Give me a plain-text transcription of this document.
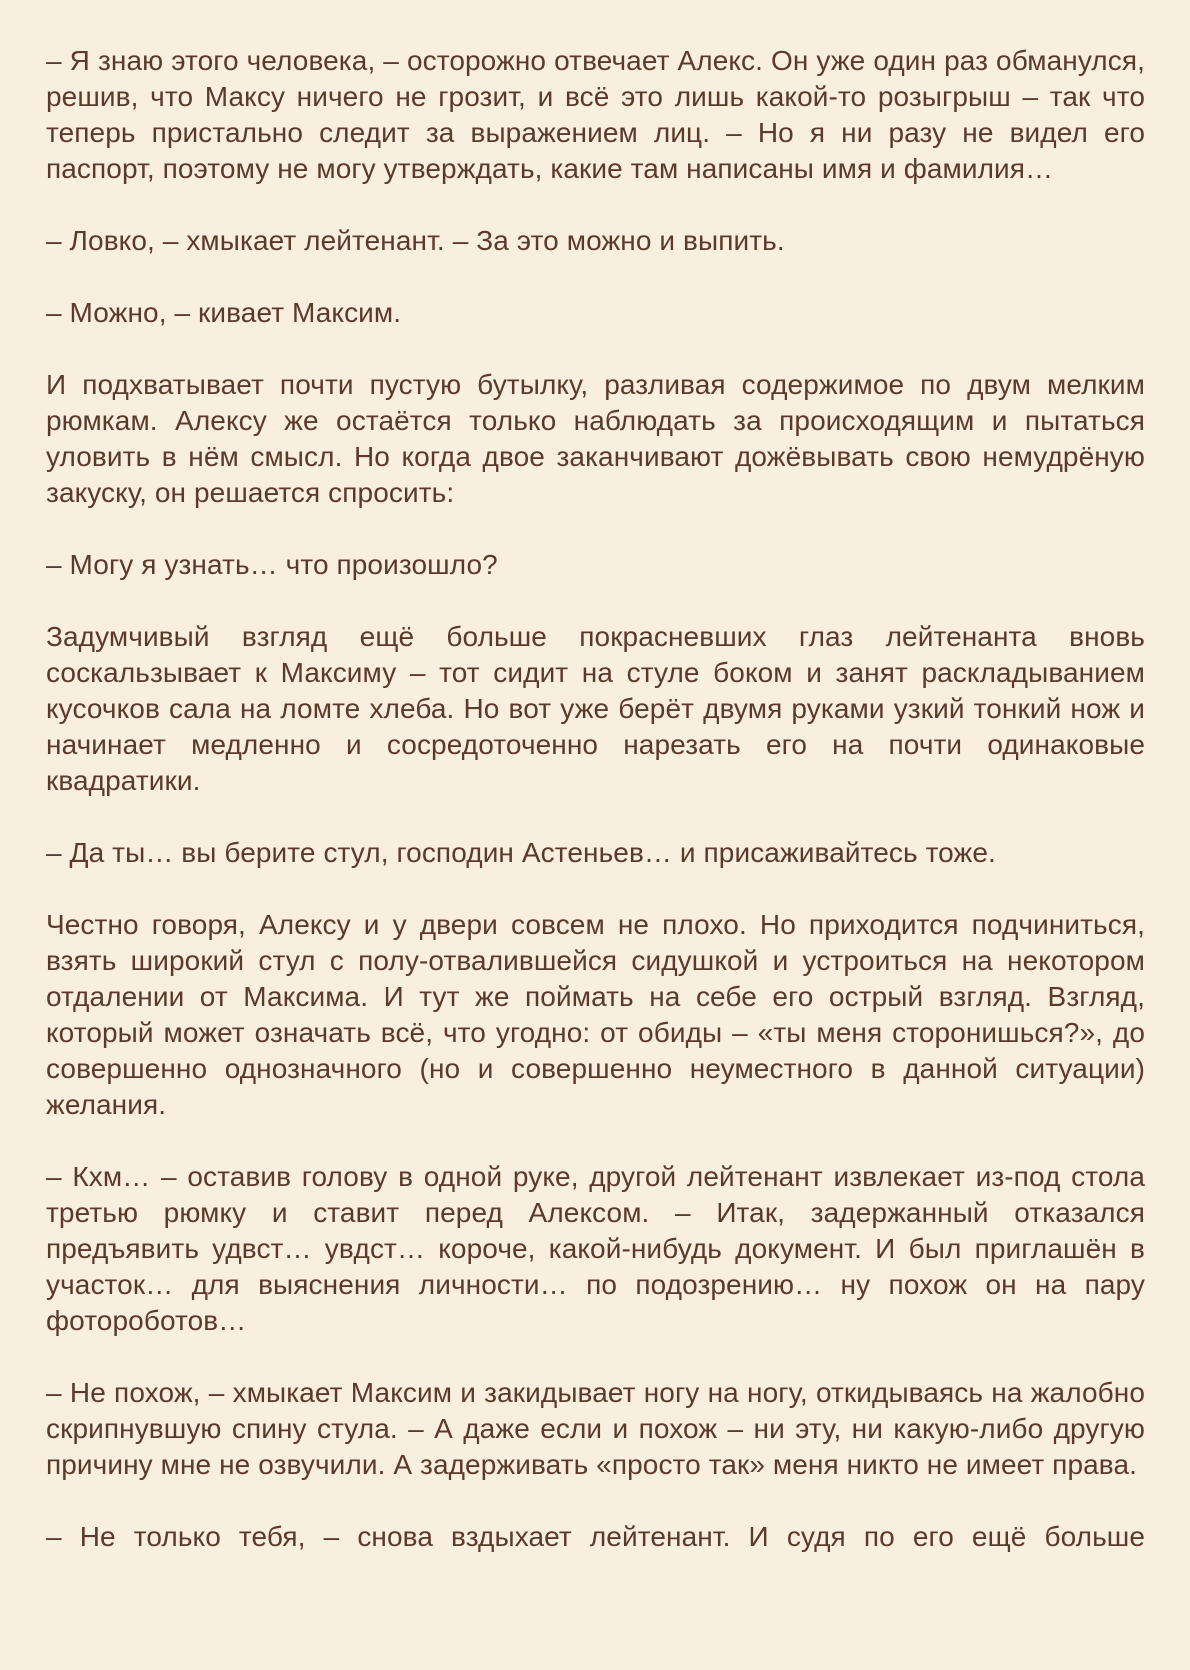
– Я знаю этого человека, – осторожно отвечает Алекс. Он уже один раз обманулся, решив, что Максу ничего не грозит, и всё это лишь какой-то розыгрыш – так что теперь пристально следит за выражением лиц. – Но я ни разу не видел его паспорт, поэтому не могу утверждать, какие там написаны имя и фамилия…

– Ловко, – хмыкает лейтенант. – За это можно и выпить.

– Можно, – кивает Максим.

И подхватывает почти пустую бутылку, разливая содержимое по двум мелким рюмкам. Алексу же остаётся только наблюдать за происходящим и пытаться уловить в нём смысл. Но когда двое заканчивают дожёвывать свою немудрёную закуску, он решается спросить:

– Могу я узнать… что произошло?

Задумчивый взгляд ещё больше покрасневших глаз лейтенанта вновь соскальзывает к Максиму – тот сидит на стуле боком и занят раскладыванием кусочков сала на ломте хлеба. Но вот уже берёт двумя руками узкий тонкий нож и начинает медленно и сосредоточенно нарезать его на почти одинаковые квадратики.

– Да ты… вы берите стул, господин Астеньев… и присаживайтесь тоже.

Честно говоря, Алексу и у двери совсем не плохо. Но приходится подчиниться, взять широкий стул с полу-отвалившейся сидушкой и устроиться на некотором отдалении от Максима. И тут же поймать на себе его острый взгляд. Взгляд, который может означать всё, что угодно: от обиды – «ты меня сторонишься?», до совершенно однозначного (но и совершенно неуместного в данной ситуации) желания.

– Кхм… – оставив голову в одной руке, другой лейтенант извлекает из-под стола третью рюмку и ставит перед Алексом. – Итак, задержанный отказался предъявить удвст… увдст… короче, какой-нибудь документ. И был приглашён в участок… для выяснения личности… по подозрению… ну похож он на пару фотороботов…

– Не похож, – хмыкает Максим и закидывает ногу на ногу, откидываясь на жалобно скрипнувшую спину стула. – А даже если и похож – ни эту, ни какую-либо другую причину мне не озвучили. А задерживать «просто так» меня никто не имеет права.

– Не только тебя, – снова вздыхает лейтенант. И судя по его ещё больше
